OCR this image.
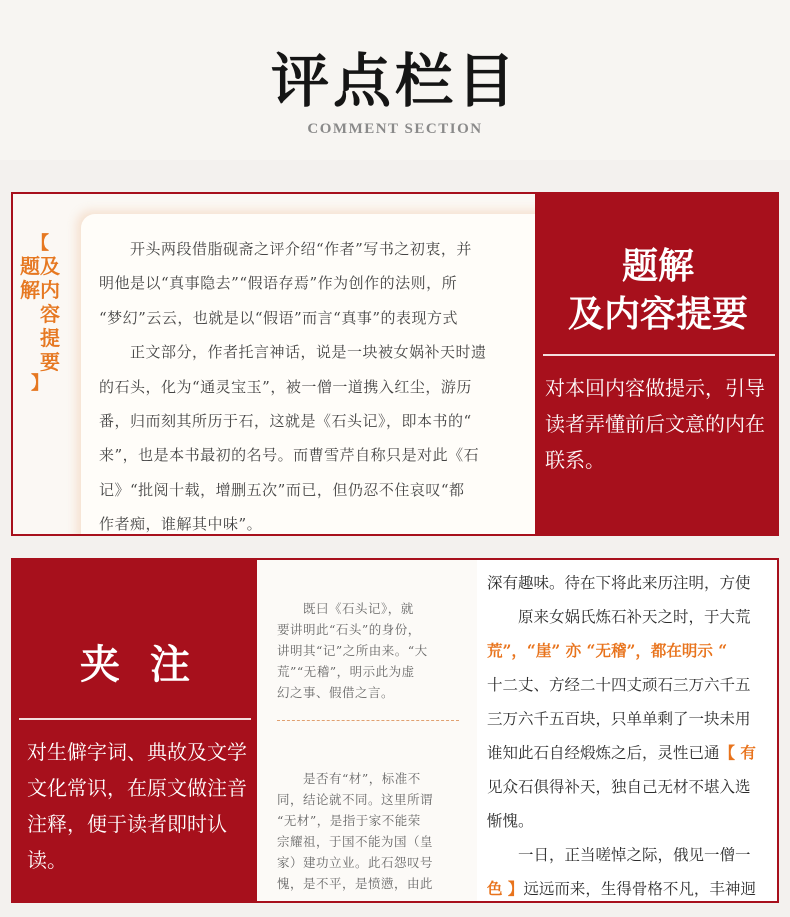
评点栏目
COMMENT SECTION
【
题
解
及
内
容
提
要
】

　　开头两段借脂砚斋之评介绍“作者”写书之初衷，并

明他是以“真事隐去”“假语存焉”作为创作的法则，所

“梦幻”云云，也就是以“假语”而言“真事”的表现方式

　　正文部分，作者托言神话，说是一块被女娲补天时遗

的石头，化为“通灵宝玉”，被一僧一道携入红尘，游历

番，归而刻其所历于石，这就是《石头记》，即本书的“

来”，也是本书最初的名号。而曹雪芹自称只是对此《石

记》“批阅十载，增删五次”而已，但仍忍不住哀叹“都

作者痴，谁解其中味”。

题解
及内容提要
对本回内容做提示，引导读者弄懂前后文意的内在联系。
夹注
对生僻字词、典故及文学文化常识，在原文做注音注释，便于读者即时认读。

　　既曰《石头记》，就

要讲明此“石头”的身份，

讲明其“记”之所由来。“大

荒”“无稽”，明示此为虚

幻之事、假借之言。

　　是否有“材”，标准不

同，结论就不同。这里所谓

“无材”，是指于家不能荣

宗耀祖，于国不能为国（皇

家）建功立业。此石怨叹号

愧，是不平，是愤懑，由此

深有趣味。待在下将此来历注明，方使

　　原来女娲氏炼石补天之时，于大荒

荒”，“崖” 亦 “无稽”，都在明示 “

十二丈、方经二十四丈顽石三万六千五

三万六千五百块，只单单剩了一块未用

谁知此石自经煅炼之后，灵性已通【 有

见众石俱得补天，独自己无材不堪入选

惭愧。

　　一日，正当嗟悼之际，俄见一僧一

色 】远远而来，生得骨格不凡，丰神迥
